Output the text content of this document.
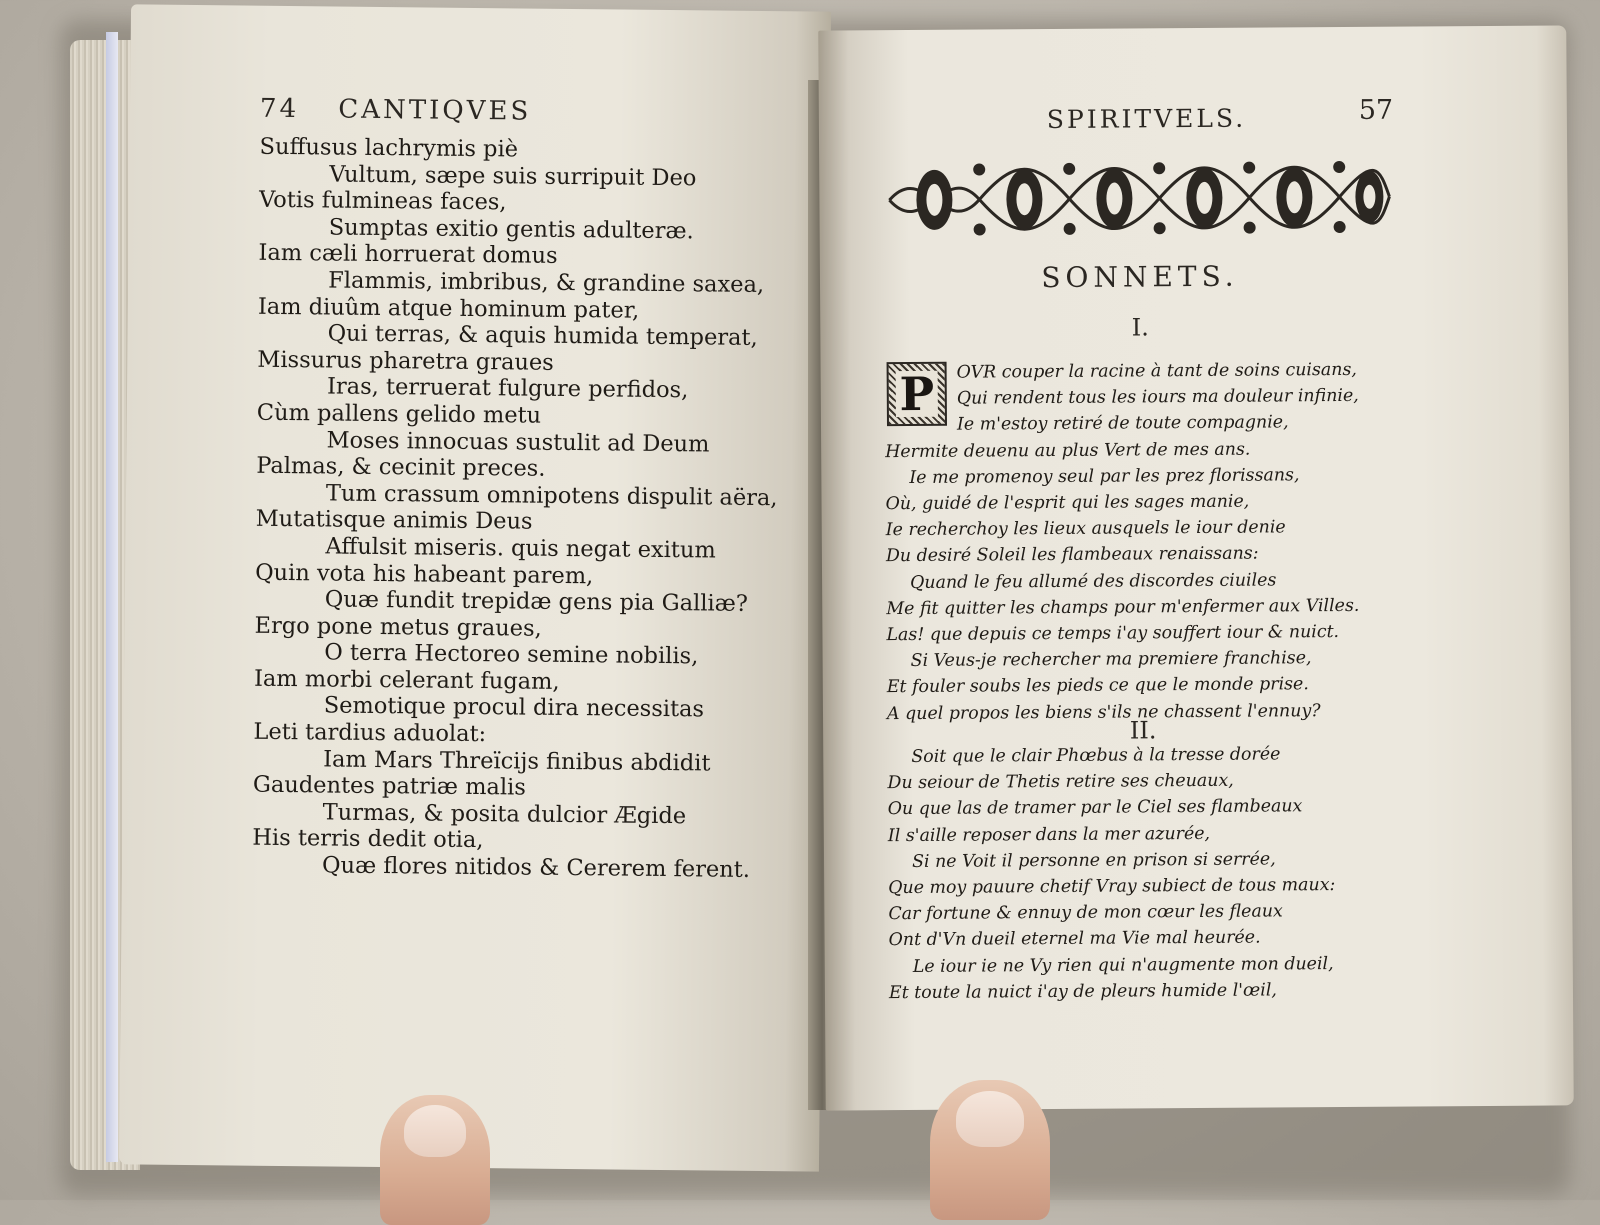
74 CANTIQVES
Suffusus lachrymis piè
Vultum, sæpe suis surripuit Deo
Votis fulmineas faces,
Sumptas exitio gentis adulteræ.
Iam cæli horruerat domus
Flammis, imbribus, & grandine saxea,
Iam diuûm atque hominum pater,
Qui terras, & aquis humida temperat,
Missurus pharetra graues
Iras, terruerat fulgure perfidos,
Cùm pallens gelido metu
Moses innocuas sustulit ad Deum
Palmas, & cecinit preces.
Tum crassum omnipotens dispulit aëra,
Mutatisque animis Deus
Affulsit miseris. quis negat exitum
Quin vota his habeant parem,
Quæ fundit trepidæ gens pia Galliæ?
Ergo pone metus graues,
O terra Hectoreo semine nobilis,
Iam morbi celerant fugam,
Semotique procul dira necessitas
Leti tardius aduolat:
Iam Mars Threïcijs finibus abdidit
Gaudentes patriæ malis
Turmas, & posita dulcior Ægide
His terris dedit otia,
Quæ flores nitidos & Cererem ferent.
SPIRITVELS.	57
SONNETS.
I.
P	OVR couper la racine à tant de soins cuisans,
Qui rendent tous les iours ma douleur infinie,
Ie m'estoy retiré de toute compagnie,
Hermite deuenu au plus Vert de mes ans.
Ie me promenoy seul par les prez florissans,
Où, guidé de l'esprit qui les sages manie,
Ie recherchoy les lieux ausquels le iour denie
Du desiré Soleil les flambeaux renaissans:
Quand le feu allumé des discordes ciuiles
Me fit quitter les champs pour m'enfermer aux Villes.
Las! que depuis ce temps i'ay souffert iour & nuict.
Si Veus-je rechercher ma premiere franchise,
Et fouler soubs les pieds ce que le monde prise.
A quel propos les biens s'ils ne chassent l'ennuy?
II.
Soit que le clair Phœbus à la tresse dorée
Du seiour de Thetis retire ses cheuaux,
Ou que las de tramer par le Ciel ses flambeaux
Il s'aille reposer dans la mer azurée,
Si ne Voit il personne en prison si serrée,
Que moy pauure chetif Vray subiect de tous maux:
Car fortune & ennuy de mon cœur les fleaux
Ont d'Vn dueil eternel ma Vie mal heurée.
Le iour ie ne Vy rien qui n'augmente mon dueil,
Et toute la nuict i'ay de pleurs humide l'œil,
